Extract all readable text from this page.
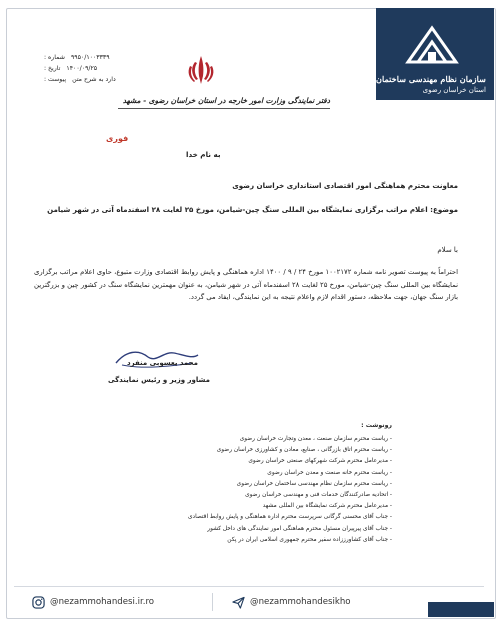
سازمان نظام مهندسی ساختمان
استان خراسان رضوی
۹۹۵۰/۱۰۰۳۳۳۹
شماره :
۱۴۰۰/۰۹/۲۵
تاریخ :
دارد به شرح متن
پیوست :
دفتر نمایندگی وزارت امور خارجه در استان خراسان رضوی - مشهد
فوری
به نام خدا
معاونت محترم هماهنگی امور اقتصادی استانداری خراسان رضوی
موضوع: اعلام مراتب برگزاری نمایشگاه بین المللی سنگ چین-شیامن، مورخ ۲۵ لغایت ۲۸ اسفندماه آتی در شهر شیامن
با سلام
احتراماً به پیوست تصویر نامه شماره ۱۰۰۲۱۷۲ مورخ ۲۴ / ۹ / ۱۴۰۰ اداره هماهنگی و پایش روابط اقتصادی وزارت متبوع، حاوی اعلام مراتب برگزاری نمایشگاه بین المللی سنگ چین-شیامن، مورخ ۲۵ لغایت ۲۸ اسفندماه آتی در شهر شیامن، به عنوان مهمترین نمایشگاه سنگ در کشور چین و بزرگترین بازار سنگ جهان، جهت ملاحظه، دستور اقدام لازم واعلام نتیجه به این نمایندگی، ایفاد می گردد.
محمد یعسوبی منفرد
مشاور وزیر و رئیس نمایندگی
رونوشت :
- ریاست محترم سازمان صنعت ، معدن وتجارت خراسان رضوی
- ریاست محترم اتاق بازرگانی ، صنایع، معادن و کشاورزی خراسان رضوی
- مدیرعامل محترم شرکت شهرکهای صنعتی خراسان رضوی
- ریاست محترم خانه صنعت و معدن خراسان رضوی
- ریاست محترم سازمان نظام مهندسی ساختمان خراسان رضوی
- اتحادیه صادرکنندگان خدمات فنی و مهندسی خراسان رضوی
- مدیرعامل محترم شرکت نمایشگاه بین المللی مشهد
- جناب آقای محسنی گرگانی سرپرست محترم اداره هماهنگی و پایش روابط اقتصادی
- جناب آقای پیرپیران مسئول محترم هماهنگی امور نمایندگی های داخل کشور
- جناب آقای کشاورززاده سفیر محترم جمهوری اسلامی ایران در پکن
@nezammohandesi.ir.ro	@nezammohandesikho
